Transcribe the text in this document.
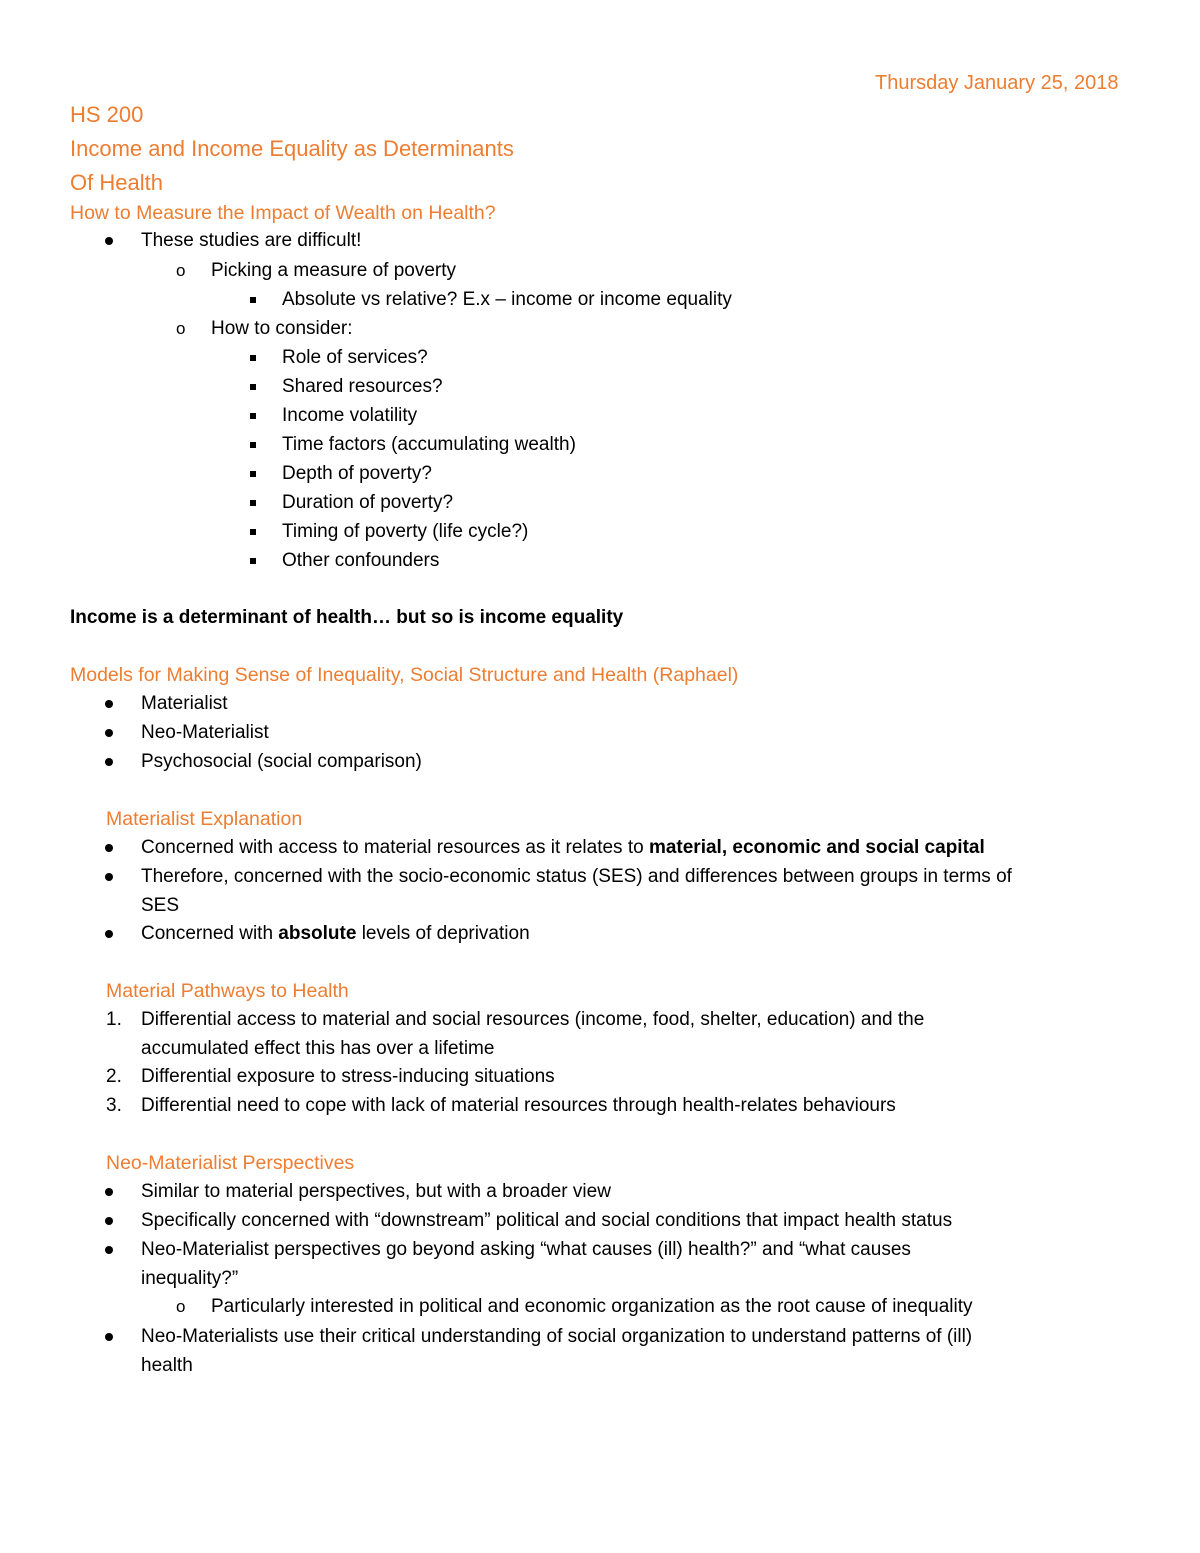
Thursday January 25, 2018
HS 200
Income and Income Equality as Determinants
Of Health
How to Measure the Impact of Wealth on Health?
These studies are difficult!
o Picking a measure of poverty
Absolute vs relative? E.x – income or income equality
o How to consider:
Role of services?
Shared resources?
Income volatility
Time factors (accumulating wealth)
Depth of poverty?
Duration of poverty?
Timing of poverty (life cycle?)
Other confounders
Income is a determinant of health… but so is income equality
Models for Making Sense of Inequality, Social Structure and Health (Raphael)
Materialist
Neo-Materialist
Psychosocial (social comparison)
Materialist Explanation
Concerned with access to material resources as it relates to material, economic and social capital
Therefore, concerned with the socio-economic status (SES) and differences between groups in terms of
SES
Concerned with absolute levels of deprivation
Material Pathways to Health
1. Differential access to material and social resources (income, food, shelter, education) and the
accumulated effect this has over a lifetime
2. Differential exposure to stress-inducing situations
3. Differential need to cope with lack of material resources through health-relates behaviours
Neo-Materialist Perspectives
Similar to material perspectives, but with a broader view
Specifically concerned with “downstream” political and social conditions that impact health status
Neo-Materialist perspectives go beyond asking “what causes (ill) health?” and “what causes
inequality?”
o Particularly interested in political and economic organization as the root cause of inequality
Neo-Materialists use their critical understanding of social organization to understand patterns of (ill)
health
